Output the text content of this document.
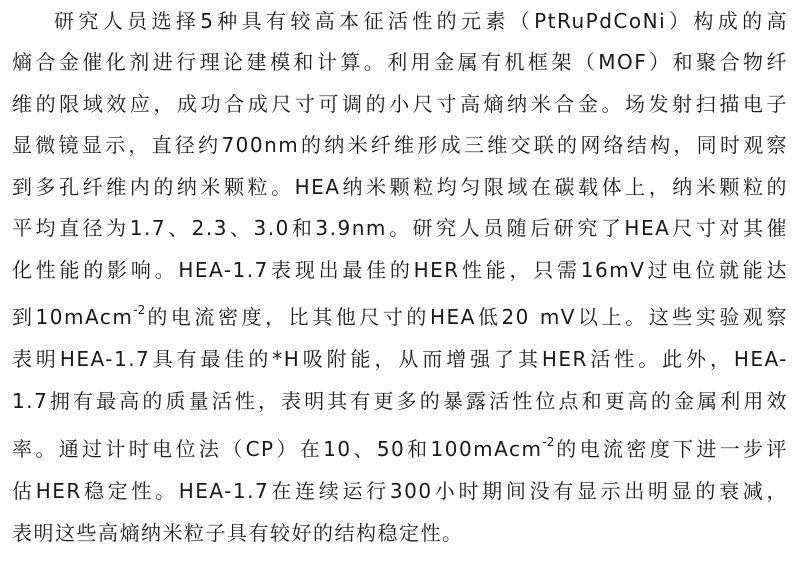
研究人员选择5种具有较高本征活性的元素（PtRuPdCoNi）构成的高
熵合金催化剂进行理论建模和计算。利用金属有机框架（MOF）和聚合物纤
维的限域效应，成功合成尺寸可调的小尺寸高熵纳米合金。场发射扫描电子
显微镜显示，直径约700nm的纳米纤维形成三维交联的网络结构，同时观察
到多孔纤维内的纳米颗粒。HEA纳米颗粒均匀限域在碳载体上，纳米颗粒的
平均直径为1.7、2.3、3.0和3.9nm。研究人员随后研究了HEA尺寸对其催
化性能的影响。HEA-1.7表现出最佳的HER性能，只需16mV过电位就能达
到10mAcm$^{-2}$的电流密度，比其他尺寸的HEA低20 mV以上。这些实验观察
表明HEA-1.7具有最佳的*H吸附能，从而增强了其HER活性。此外，HEA-
1.7拥有最高的质量活性，表明其有更多的暴露活性位点和更高的金属利用效
率。通过计时电位法（CP）在10、50和100mAcm$^{-2}$的电流密度下进一步评
估HER稳定性。HEA-1.7在连续运行300小时期间没有显示出明显的衰减，
表明这些高熵纳米粒子具有较好的结构稳定性。
